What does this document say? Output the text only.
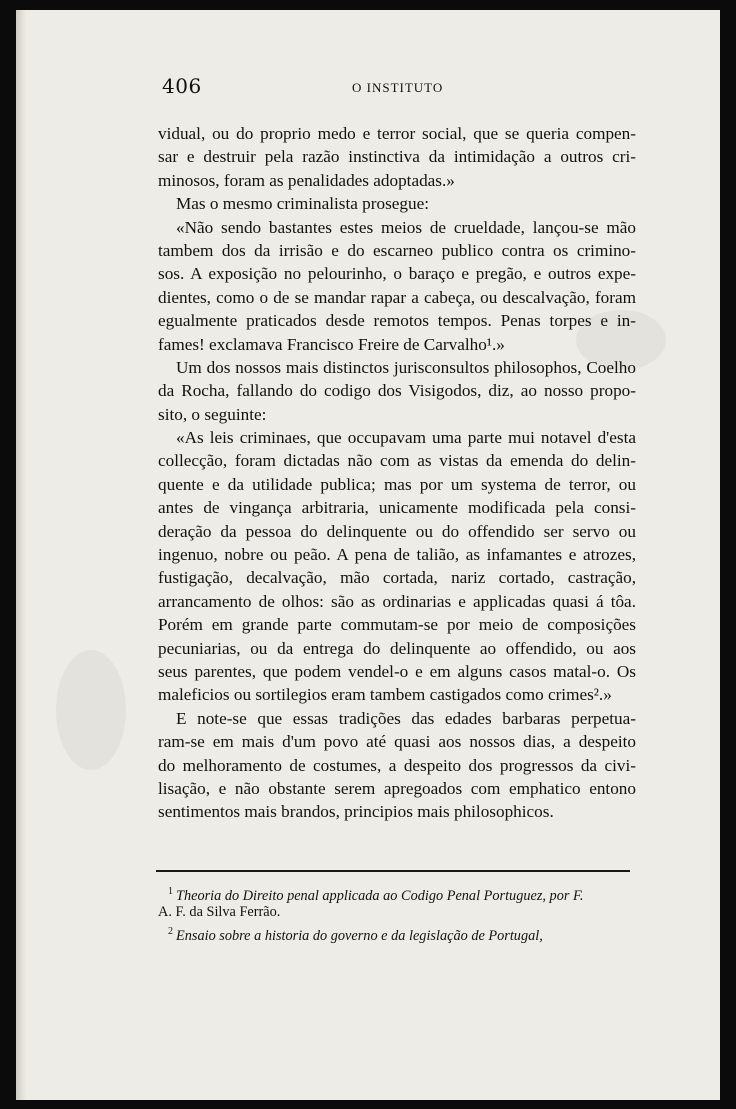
406	O INSTITUTO
vidual, ou do proprio medo e terror social, que se queria compen-
sar e destruir pela razão instinctiva da intimidação a outros cri-
minosos, foram as penalidades adoptadas.»
Mas o mesmo criminalista prosegue:
«Não sendo bastantes estes meios de crueldade, lançou-se mão
tambem dos da irrisão e do escarneo publico contra os crimino-
sos. A exposição no pelourinho, o baraço e pregão, e outros expe-
dientes, como o de se mandar rapar a cabeça, ou descalvação, foram
egualmente praticados desde remotos tempos. Penas torpes e in-
fames! exclamava Francisco Freire de Carvalho¹.»
Um dos nossos mais distinctos jurisconsultos philosophos, Coelho
da Rocha, fallando do codigo dos Visigodos, diz, ao nosso propo-
sito, o seguinte:
«As leis criminaes, que occupavam uma parte mui notavel d'esta
collecção, foram dictadas não com as vistas da emenda do delin-
quente e da utilidade publica; mas por um systema de terror, ou
antes de vingança arbitraria, unicamente modificada pela consi-
deração da pessoa do delinquente ou do offendido ser servo ou
ingenuo, nobre ou peão. A pena de talião, as infamantes e atrozes,
fustigação, decalvação, mão cortada, nariz cortado, castração,
arrancamento de olhos: são as ordinarias e applicadas quasi á tôa.
Porém em grande parte commutam-se por meio de composições
pecuniarias, ou da entrega do delinquente ao offendido, ou aos
seus parentes, que podem vendel-o e em alguns casos matal-o. Os
maleficios ou sortilegios eram tambem castigados como crimes².»
E note-se que essas tradições das edades barbaras perpetua-
ram-se em mais d'um povo até quasi aos nossos dias, a despeito
do melhoramento de costumes, a despeito dos progressos da civi-
lisação, e não obstante serem apregoados com emphatico entono
sentimentos mais brandos, principios mais philosophicos.
$^1$ Theoria do Direito penal applicada ao Codigo Penal Portuguez, por F.
A. F. da Silva Ferrão.
$^2$ Ensaio sobre a historia do governo e da legislação de Portugal,
